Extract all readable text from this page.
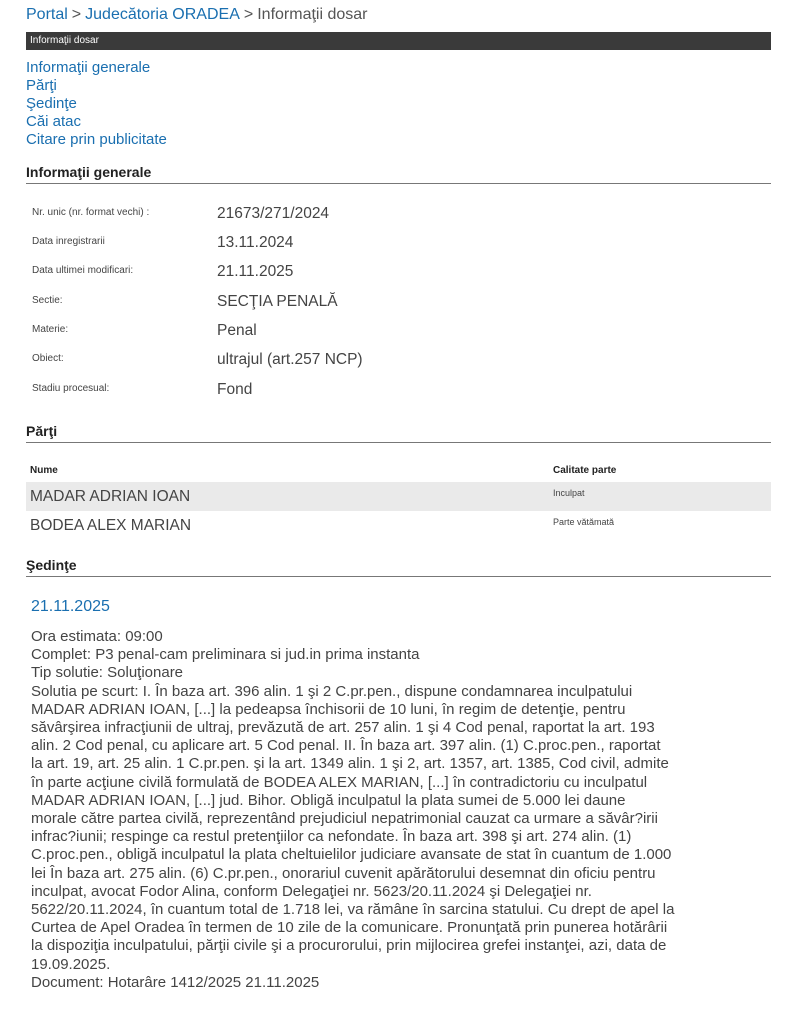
Portal > Judecătoria ORADEA > Informaţii dosar
Informaţii dosar
Informaţii generale
Părţi
Şedinţe
Căi atac
Citare prin publicitate
Informaţii generale
Nr. unic (nr. format vechi) :	21673/271/2024
Data inregistrarii	13.11.2024
Data ultimei modificari:	21.11.2025
Sectie:	SECŢIA PENALĂ
Materie:	Penal
Obiect:	ultrajul (art.257 NCP)
Stadiu procesual:	Fond
Părţi
Nume	Calitate parte
MADAR ADRIAN IOAN	Inculpat
BODEA ALEX MARIAN	Parte vătămată
Şedinţe
21.11.2025
Ora estimata: 09:00
Complet: P3 penal-cam preliminara si jud.in prima instanta
Tip solutie: Soluţionare
Solutia pe scurt: I. În baza art. 396 alin. 1 şi 2 C.pr.pen., dispune condamnarea inculpatului
MADAR ADRIAN IOAN, [...] la pedeapsa închisorii de 10 luni, în regim de detenţie, pentru
săvârşirea infracţiunii de ultraj, prevăzută de art. 257 alin. 1 şi 4 Cod penal, raportat la art. 193
alin. 2 Cod penal, cu aplicare art. 5 Cod penal. II. În baza art. 397 alin. (1) C.proc.pen., raportat
la art. 19, art. 25 alin. 1 C.pr.pen. şi la art. 1349 alin. 1 şi 2, art. 1357, art. 1385, Cod civil, admite
în parte acţiune civilă formulată de BODEA ALEX MARIAN, [...] în contradictoriu cu inculpatul
MADAR ADRIAN IOAN, [...] jud. Bihor. Obligă inculpatul la plata sumei de 5.000 lei daune
morale către partea civilă, reprezentând prejudiciul nepatrimonial cauzat ca urmare a săvâr?irii
infrac?iunii; respinge ca restul pretenţiilor ca nefondate. În baza art. 398 şi art. 274 alin. (1)
C.proc.pen., obligă inculpatul la plata cheltuielilor judiciare avansate de stat în cuantum de 1.000
lei În baza art. 275 alin. (6) C.pr.pen., onorariul cuvenit apărătorului desemnat din oficiu pentru
inculpat, avocat Fodor Alina, conform Delegaţiei nr. 5623/20.11.2024 şi Delegaţiei nr.
5622/20.11.2024, în cuantum total de 1.718 lei, va rămâne în sarcina statului. Cu drept de apel la
Curtea de Apel Oradea în termen de 10 zile de la comunicare. Pronunţată prin punerea hotărârii
la dispoziţia inculpatului, părţii civile şi a procurorului, prin mijlocirea grefei instanţei, azi, data de
19.09.2025.
Document: Hotarâre 1412/2025 21.11.2025
